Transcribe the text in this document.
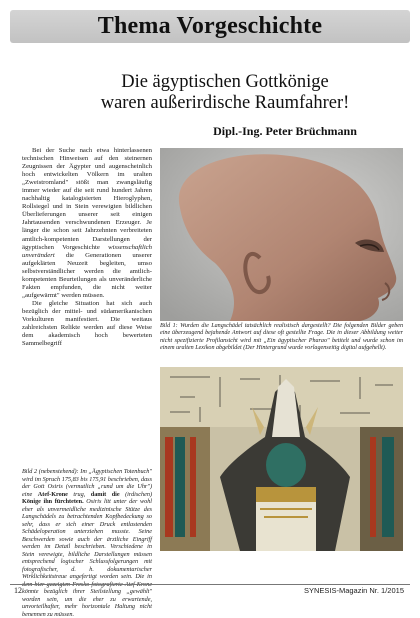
Thema Vorgeschichte
Die ägyptischen Gottkönige
waren außerirdische Raumfahrer!
Dipl.-Ing. Peter Brüchmann

Bei der Suche nach etwa hinterlassenen technischen Hinweisen auf den steinernen Zeugnissen der Ägypter und augenscheinlich hoch entwickelten Völkern im uralten „Zweistromland" stößt man zwangsläufig immer wieder auf die seit rund hundert Jahren nachhaltig katalogisierten Hieroglyphen, Rollsiegel und in Stein verewigten bildlichen Überlieferungen unserer seit einigen Jahrtausenden verschwundenen Erzeuger. Je länger die schon seit Jahrzehnten verbreiteten amtlich-kompetenten Darstellungen der ägyptischen Vorgeschichte wissenschaftlich unverändert die Generationen unserer aufgeklärten Neuzeit begleiten, umso selbstverständlicher werden die amtlich-kompetenten Beurteilungen als unveränderliche Fakten empfunden, die nicht weiter „aufgewärmt" werden müssen.

Die gleiche Situation hat sich auch bezüglich der mittel- und südamerikanischen Vorkulturen manifestiert. Die weitaus zahlreichsten Relikte werden auf diese Weise dem akademisch hoch bewerteten Sammelbegriff

Bild 2 (nebenstehend): Im „Ägyptischen Totenbuch" wird im Spruch 175,83 bis 175,91 beschrieben, dass der Gott Osiris (vermutlich „rund um die Uhr") eine Atef-Krone trug, damit die (irdischen) Könige ihn fürchteten. Osiris litt unter der wohl eher als unvermeidliche medizinische Stütze des Langschädels zu betrachtenden Kopfbedeckung so sehr, dass er sich einer Druck entlastenden Schädeloperation unterziehen musste. Seine Beschwerden sowie auch der ärztliche Eingriff werden im Detail beschrieben. Verschiedene in Stein verewigte, bildliche Darstellungen müssen entsprechend logischer Schlussfolgerungen mit fotografischer, d. h. dokumentarischer Wirklichkeitstreue angefertigt worden sein. Die in dem hier gezeigten Fresko fotografierte Atef-Krone könnte bezüglich ihrer Steilstellung „gewählt" worden sein, um die eher zu erwartende, unvorteilhafter, mehr horizontale Haltung nicht benennen zu müssen.
Bild 1: Wurden die Langschädel tatsächlich realistisch dargestellt? Die folgenden Bilder geben eine überzeugend bejahende Antwort auf diese oft gestellte Frage. Die in dieser Abbildung weiter nicht spezifizierte Profilansicht wird mit „Ein ägyptischer Pharao" betitelt und wurde schon im einem uralten Lexikon abgebildet (Der Hintergrund wurde vorlagenseitig digital aufgehellt).
12	SYNESIS-Magazin Nr. 1/2015
